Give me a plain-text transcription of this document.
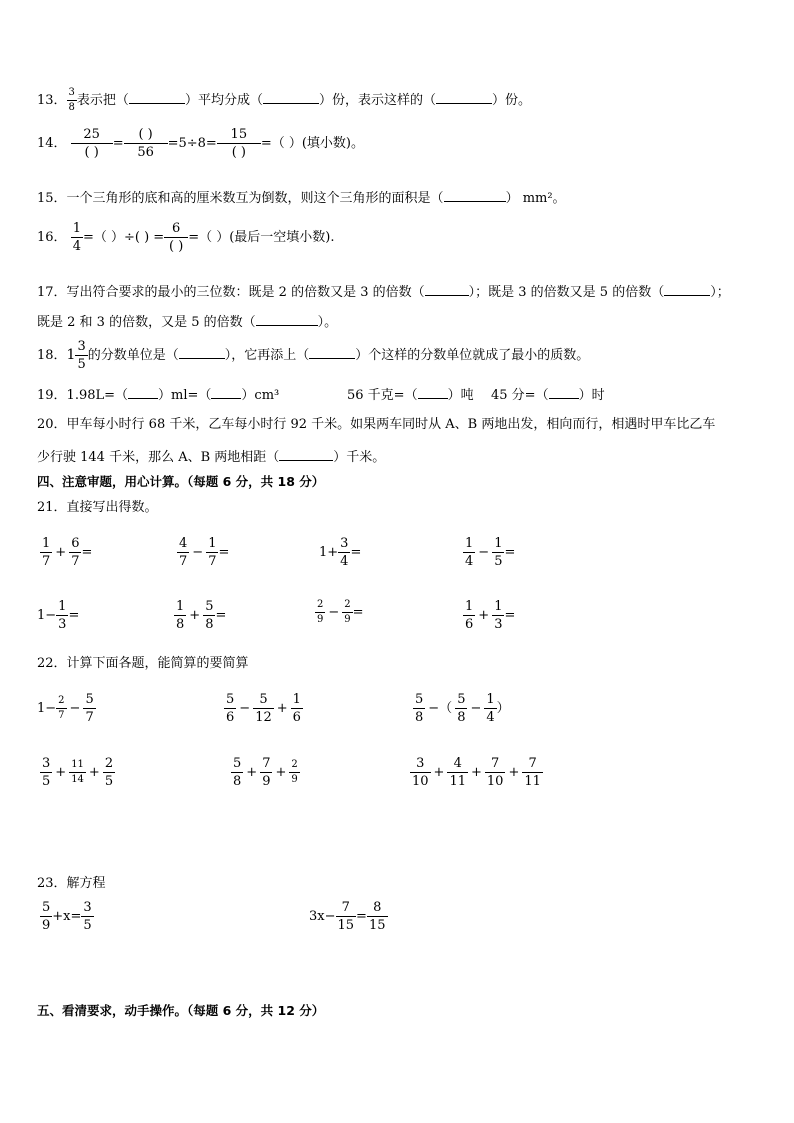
13． $\frac{3}{8}$ 表示把（	）平均分成（	）份，表示这样的（	）份。
14． $\frac{25}{( )} = \frac{( )}{56} =5\div 8= \frac{15}{( )}$ =（ ）(填小数)。
15．一个三角形的底和高的厘米数互为倒数，则这个三角形的面积是（	） mm²。
16． $\frac{1}{4}$ =（ ）÷( ) = $\frac{6}{( )}$ =（ ）(最后一空填小数).
17．写出符合要求的最小的三位数：既是 2 的倍数又是 3 的倍数（	）；既是 3 的倍数又是 5 的倍数（	）；
既是 2 和 3 的倍数，又是 5 的倍数（	）。
18．$1 \frac{3}{5}$ 的分数单位是（	），它再添上（	）个这样的分数单位就成了最小的质数。
19．1.98L=（ ）ml=（ ）cm³	56 千克=（ ）吨 45 分=（ ）时
20．甲车每小时行 68 千米，乙车每小时行 92 千米。如果两车同时从 A、B 两地出发，相向而行，相遇时甲车比乙车
少行驶 144 千米，那么 A、B 两地相距（	）千米。
四、注意审题，用心计算。（每题 6 分，共 18 分）
21．直接写出得数。
$\frac{1}{7} + \frac{6}{7}$ =	$\frac{4}{7} - \frac{1}{7}$ =	$1+ \frac{3}{4}$ =	$\frac{1}{4} - \frac{1}{5}$ =
$1- \frac{1}{3}$ =	$\frac{1}{8} + \frac{5}{8}$ =	$\frac{2}{9} - \frac{2}{9}$ =	$\frac{1}{6} + \frac{1}{3}$ =
22．计算下面各题，能简算的要简算
$1- \frac{2}{7} - \frac{5}{7}$	$\frac{5}{6} - \frac{5}{12} + \frac{1}{6}$	$\frac{5}{8}$ −（ $\frac{5}{8} - \frac{1}{4}$ ）
$\frac{3}{5} + \frac{11}{14} + \frac{2}{5}$	$\frac{5}{8} + \frac{7}{9} + \frac{2}{9}$	$\frac{3}{10} + \frac{4}{11} + \frac{7}{10} + \frac{7}{11}$
23．解方程
$\frac{5}{9} +x= \frac{3}{5}$	$3x- \frac{7}{15} = \frac{8}{15}$
五、看清要求，动手操作。（每题 6 分，共 12 分）
